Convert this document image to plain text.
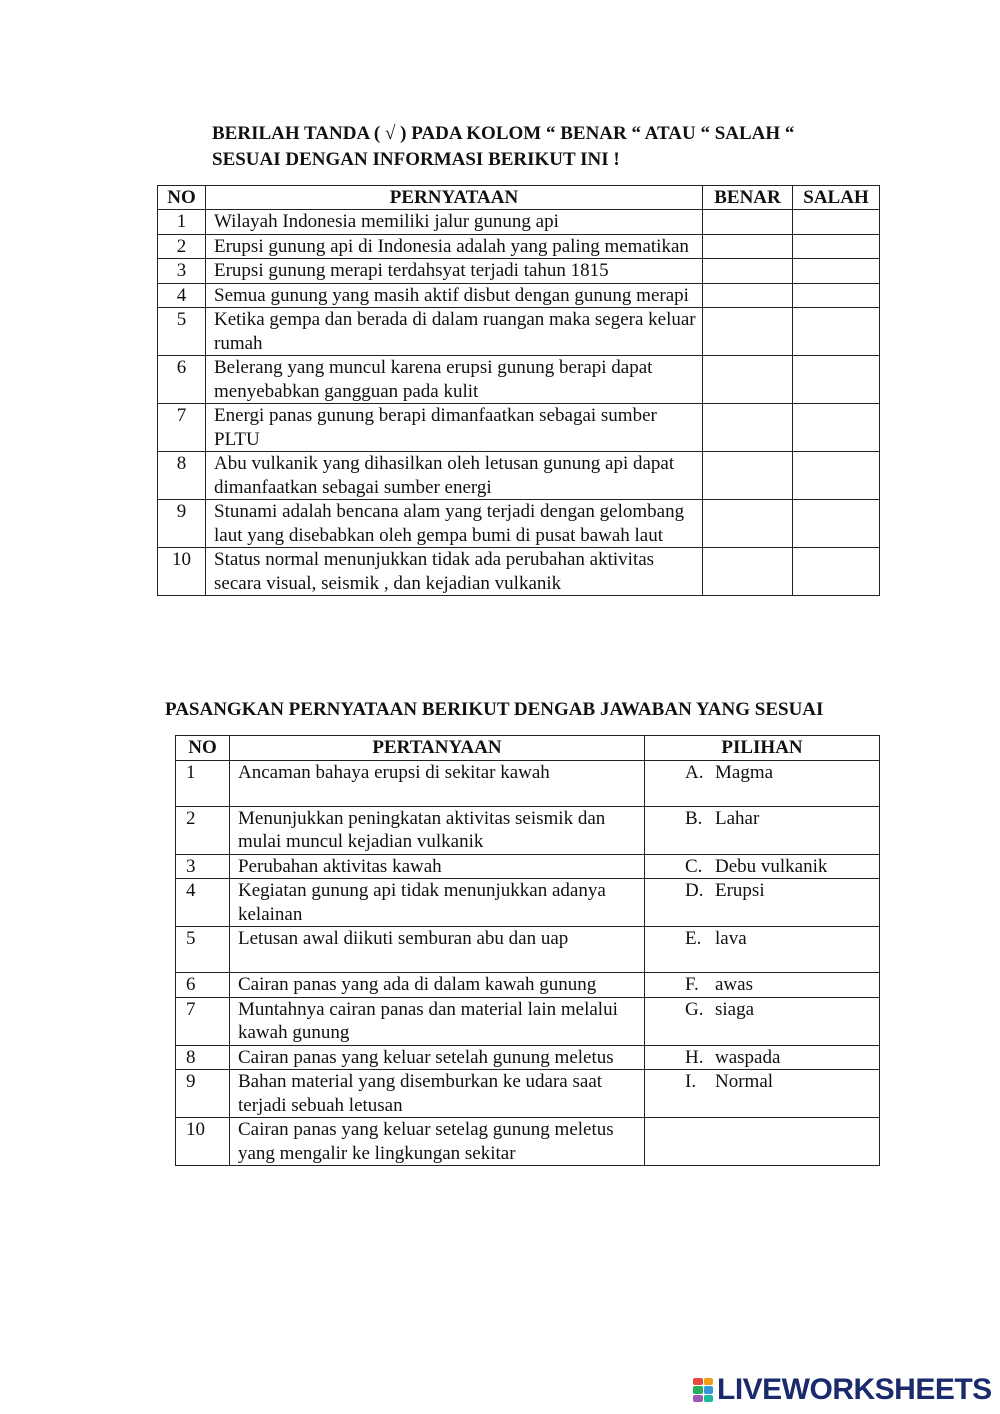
BERILAH TANDA ( √ ) PADA KOLOM “ BENAR “ ATAU “ SALAH “
SESUAI DENGAN INFORMASI BERIKUT INI !
NO	PERNYATAAN	BENAR	SALAH
1	Wilayah Indonesia memiliki jalur gunung api		
2	Erupsi gunung api di Indonesia adalah yang paling mematikan		
3	Erupsi gunung merapi terdahsyat terjadi tahun 1815		
4	Semua gunung yang masih aktif disbut dengan gunung merapi		
5	Ketika gempa dan berada di dalam ruangan maka segera keluar rumah		
6	Belerang yang muncul karena erupsi gunung berapi dapat menyebabkan gangguan pada kulit		
7	Energi panas gunung berapi dimanfaatkan sebagai sumber PLTU		
8	Abu vulkanik yang dihasilkan oleh letusan gunung api dapat dimanfaatkan sebagai sumber energi		
9	Stunami adalah bencana alam yang terjadi dengan gelombang laut yang disebabkan oleh gempa bumi di pusat bawah laut		
10	Status normal menunjukkan tidak ada perubahan aktivitas secara visual, seismik , dan kejadian vulkanik		
PASANGKAN PERNYATAAN BERIKUT DENGAB JAWABAN YANG SESUAI
NO	PERTANYAAN	PILIHAN
1	Ancaman bahaya erupsi di sekitar kawah	A. Magma
2	Menunjukkan peningkatan aktivitas seismik dan mulai muncul kejadian vulkanik	B. Lahar
3	Perubahan aktivitas kawah	C. Debu vulkanik
4	Kegiatan gunung api tidak menunjukkan adanya kelainan	D. Erupsi
5	Letusan awal diikuti semburan abu dan uap	E. lava
6	Cairan panas yang ada di dalam kawah gunung	F. awas
7	Muntahnya cairan panas dan material lain melalui kawah gunung	G. siaga
8	Cairan panas yang keluar setelah gunung meletus	H. waspada
9	Bahan material yang disemburkan ke udara saat terjadi sebuah letusan	I. Normal
10	Cairan panas yang keluar setelag gunung meletus yang mengalir ke lingkungan sekitar	
LIVEWORKSHEETS
